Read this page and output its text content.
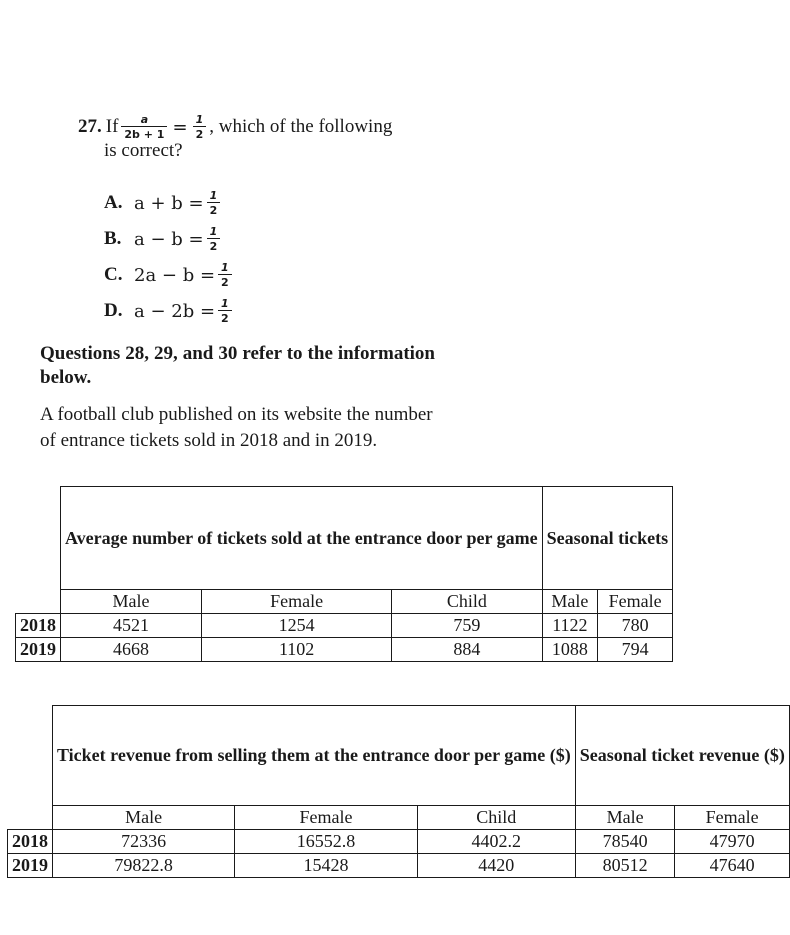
27. If $\frac{a}{2b + 1} = \frac{1}{2}$ , which of the following
is correct?
A. $a + b = \frac{1}{2}$
B. $a - b = \frac{1}{2}$
C. $2a - b = \frac{1}{2}$
D. $a - 2b = \frac{1}{2}$
Questions 28, 29, and 30 refer to the information below.
A football club published on its website the number of entrance tickets sold in 2018 and in 2019.
	Average number of tickets sold at the entrance door per game			Seasonal tickets	
	Male	Female	Child	Male	Female
2018	4521	1254	759	1122	780
2019	4668	1102	884	1088	794
	Ticket revenue from selling them at the entrance door per game ($)			Seasonal ticket revenue ($)	
	Male	Female	Child	Male	Female
2018	72336	16552.8	4402.2	78540	47970
2019	79822.8	15428	4420	80512	47640
